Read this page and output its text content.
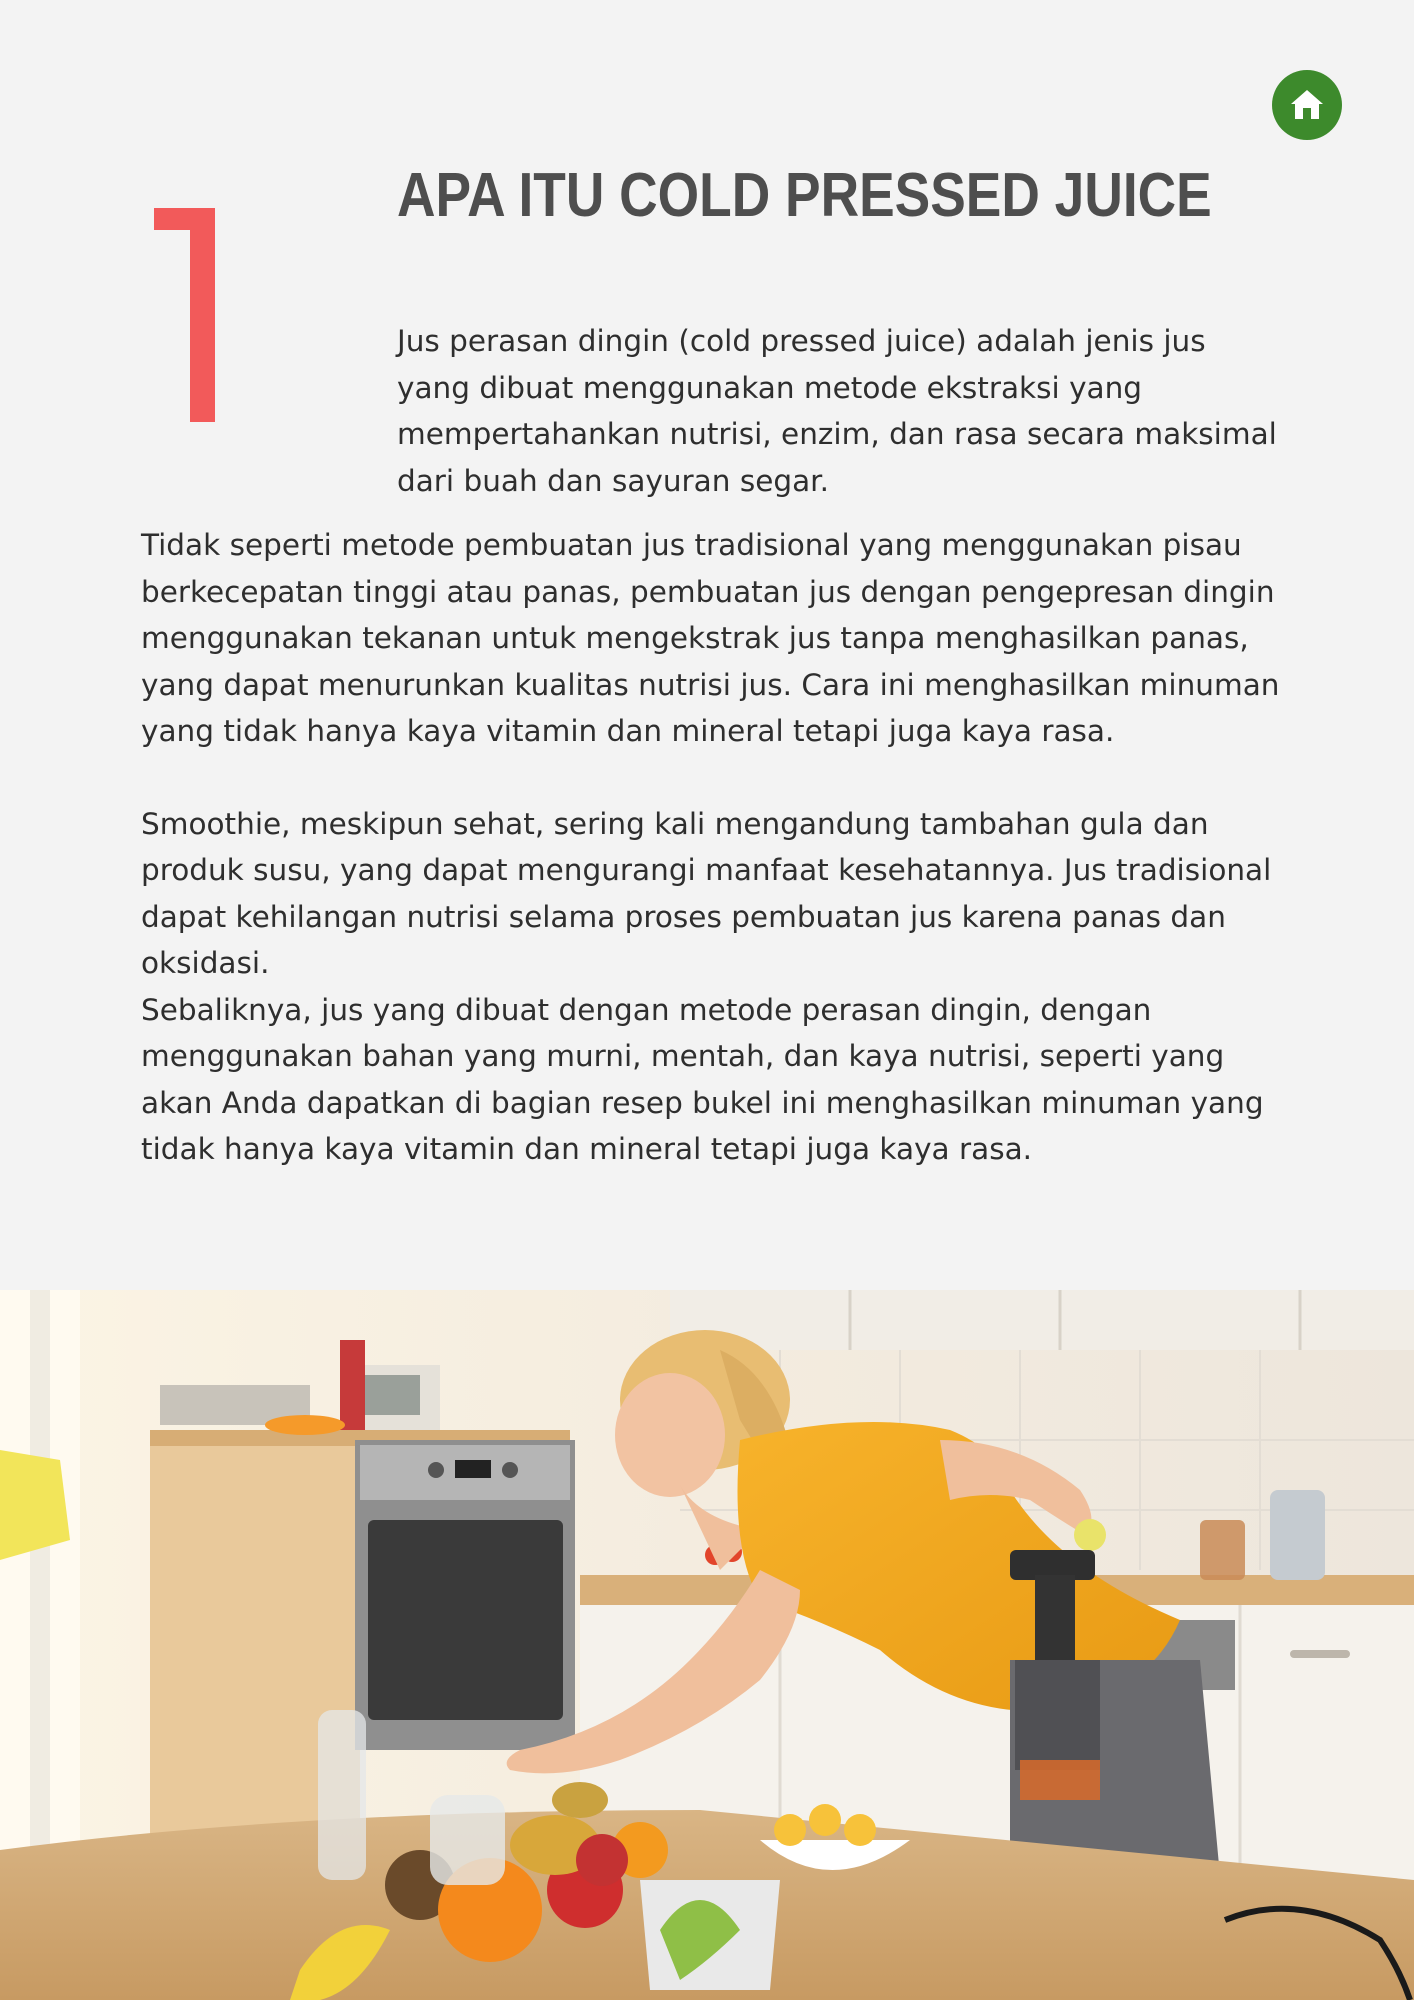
APA ITU COLD PRESSED JUICE

Jus perasan dingin (cold pressed juice) adalah jenis jus yang dibuat menggunakan metode ekstraksi yang mempertahankan nutrisi, enzim, dan rasa secara maksimal dari buah dan sayuran segar.

Tidak seperti metode pembuatan jus tradisional yang menggunakan pisau berkecepatan tinggi atau panas, pembuatan jus dengan pengepresan dingin menggunakan tekanan untuk mengekstrak jus tanpa menghasilkan panas, yang dapat menurunkan kualitas nutrisi jus. Cara ini menghasilkan minuman yang tidak hanya kaya vitamin dan mineral tetapi juga kaya rasa.

Smoothie, meskipun sehat, sering kali mengandung tambahan gula dan produk susu, yang dapat mengurangi manfaat kesehatannya. Jus tradisional dapat kehilangan nutrisi selama proses pembuatan jus karena panas dan oksidasi.

Sebaliknya, jus yang dibuat dengan metode perasan dingin, dengan menggunakan bahan yang murni, mentah, dan kaya nutrisi, seperti yang akan Anda dapatkan di bagian resep bukel ini menghasilkan minuman yang tidak hanya kaya vitamin dan mineral tetapi juga kaya rasa.
